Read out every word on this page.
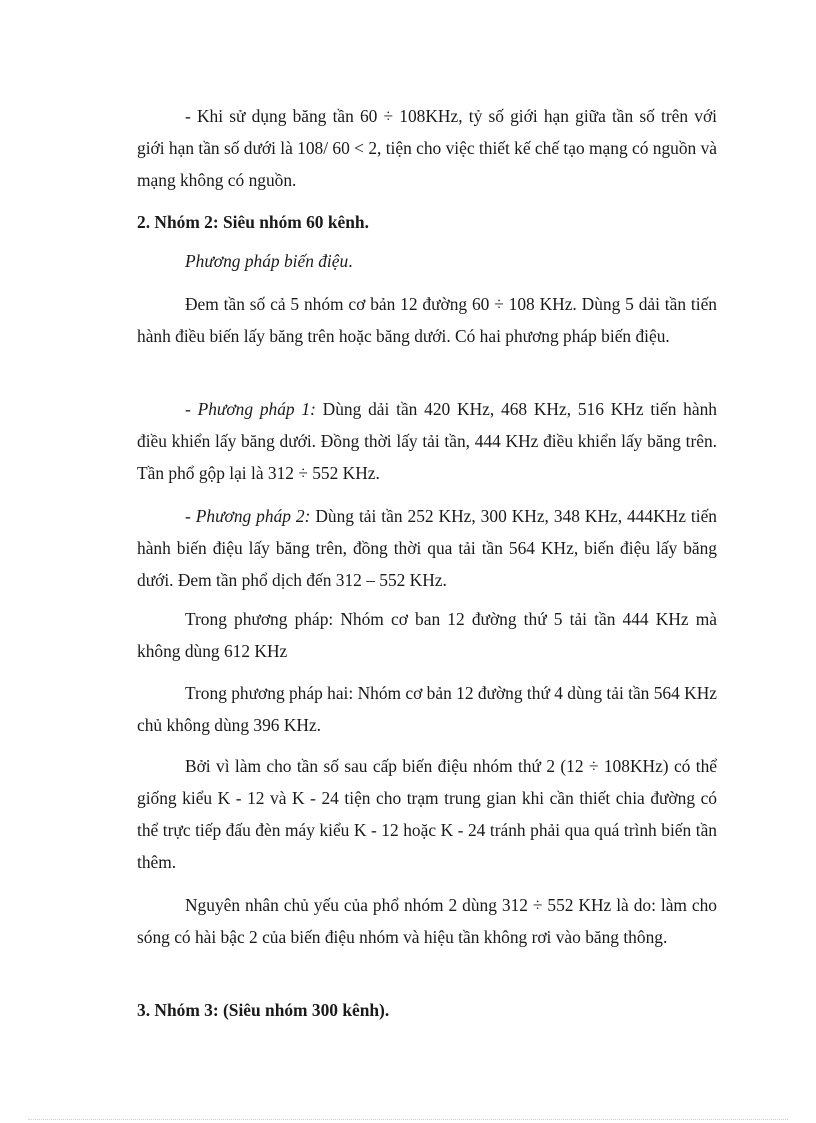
- Khi sử dụng băng tần 60 ÷ 108KHz, tỷ số giới hạn giữa tần số trên với giới hạn tần số dưới là 108/ 60 < 2, tiện cho việc thiết kế chế tạo mạng có nguồn và mạng không có nguồn.

2. Nhóm 2: Siêu nhóm 60 kênh.

Phương pháp biến điệu.

Đem tần số cả 5 nhóm cơ bản 12 đường 60 ÷ 108 KHz. Dùng 5 dải tần tiến hành điều biến lấy băng trên hoặc băng dưới. Có hai phương pháp biến điệu.

- Phương pháp 1: Dùng dải tần 420 KHz, 468 KHz, 516 KHz tiến hành điều khiển lấy băng dưới. Đồng thời lấy tải tần, 444 KHz điều khiển lấy băng trên. Tần phổ gộp lại là 312 ÷ 552 KHz.

- Phương pháp 2: Dùng tải tần 252 KHz, 300 KHz, 348 KHz, 444KHz tiến hành biến điệu lấy băng trên, đồng thời qua tải tần 564 KHz, biến điệu lấy băng dưới. Đem tần phổ dịch đến 312 – 552 KHz.

Trong phương pháp: Nhóm cơ ban 12 đường thứ 5 tải tần 444 KHz mà không dùng 612 KHz

Trong phương pháp hai: Nhóm cơ bản 12 đường thứ 4 dùng tải tần 564 KHz chủ không dùng 396 KHz.

Bởi vì làm cho tần số sau cấp biến điệu nhóm thứ 2 (12 ÷ 108KHz) có thể giống kiểu K - 12 và K - 24 tiện cho trạm trung gian khi cần thiết chia đường có thể trực tiếp đấu đèn máy kiểu K - 12 hoặc K - 24 tránh phải qua quá trình biến tần thêm.

Nguyên nhân chủ yếu của phổ nhóm 2 dùng 312 ÷ 552 KHz là do: làm cho sóng có hài bậc 2 của biến điệu nhóm và hiệu tần không rơi vào băng thông.

3. Nhóm 3: (Siêu nhóm 300 kênh).
